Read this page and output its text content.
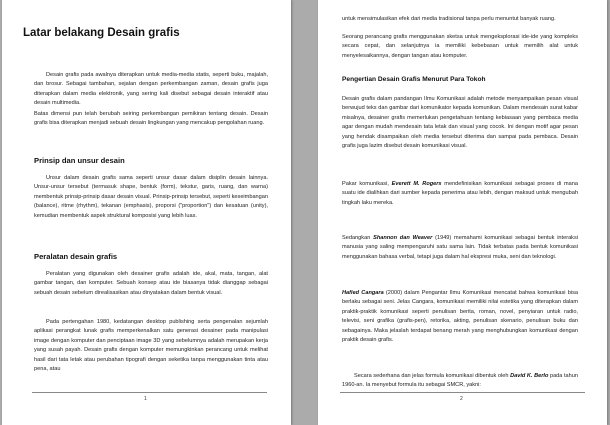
Latar belakang Desain grafis
Desain grafis pada awalnya diterapkan untuk media-media statis, seperti buku, majalah, dan brosur. Sebagai tambahan, sejalan dengan perkembangan zaman, desain grafis juga diterapkan dalam media elektronik, yang sering kali disebut sebagai desain interaktif atau desain multimedia.
Batas dimensi pun telah berubah seiring perkembangan pemikiran tentang desain. Desain grafis bisa diterapkan menjadi sebuah desain lingkungan yang mencakup pengolahan ruang.
Prinsip dan unsur desain
Unsur dalam desain grafis sama seperti unsur dasar dalam disiplin desain lainnya. Unsur-unsur tersebut (termasuk shape, bentuk (form), tekstur, garis, ruang, dan warna) membentuk prinsip-prinsip dasar desain visual. Prinsip-prinsip tersebut, seperti keseimbangan (balance), ritme (rhythm), tekanan (emphasis), proporsi ("proportion") dan kesatuan (unity), kemudian membentuk aspek struktural komposisi yang lebih luas.
Peralatan desain grafis
Peralatan yang digunakan oleh desainer grafis adalah ide, akal, mata, tangan, alat gambar tangan, dan komputer. Sebuah konsep atau ide biasanya tidak dianggap sebagai sebuah desain sebelum direalisasikan atau dinyatakan dalam bentuk visual.
Pada pertengahan 1980, kedatangan desktop publishing serta pengenalan sejumlah aplikasi perangkat lunak grafis memperkenalkan satu generasi desainer pada manipulasi image dengan komputer dan penciptaan image 3D yang sebelumnya adalah merupakan kerja yang susah payah. Desain grafis dengan komputer memungkinkan perancang untuk melihat hasil dari tata letak atau perubahan tipografi dengan seketika tanpa menggunakan tinta atau pena, atau
1
untuk mensimulasikan efek dari media tradisional tanpa perlu menuntut banyak ruang.
Seorang perancang grafis menggunakan sketsa untuk mengeksplorasi ide-ide yang kompleks secara cepat, dan selanjutnya ia memiliki kebebasan untuk memilih alat untuk menyelesaikannya, dengan tangan atau komputer.
Pengertian Desain Grafis Menurut Para Tokoh
Desain grafis dalam pandangan Ilmu Komunikasi adalah metode menyampaikan pesan visual berwujud teks dan gambar dari komunikator kepada komunikan. Dalam mendesain surat kabar misalnya, desainer grafis memerlukan pengetahuan tentang kebiasaan yang pembaca media agar dengan mudah mendesain tata letak dan visual yang cocok. Ini dengan motif agar pesan yang hendak disampaikan oleh media tersebut diterima dan sampai pada pembaca. Desain grafis juga lazim disebut desain komunikasi visual.
Pakar komunikasi, Everett M. Rogers mendefinisikan komunikasi sebagai proses di mana suatu ide dialihkan dari sumber kepada penerima atau lebih, dengan maksud untuk mengubah tingkah laku mereka.
Sedangkan Shannon dan Weaver (1949) memahami komunikasi sebagai bentuk interaksi manusia yang saling mempengaruhi satu sama lain. Tidak terbatas pada bentuk komunikasi menggunakan bahasa verbal, tetapi juga dalam hal ekspresi muka, seni dan teknologi.
Hafied Cangara (2000) dalam Pengantar Ilmu Komunikasi mencatat bahwa komunikasi bisa berlaku sebagai seni. Jelas Cangara, komunikasi memiliki nilai estetika yang diterapkan dalam praktik-praktik komunikasi seperti penulisan berita, roman, novel, penyiaran untuk radio, televisi, seni grafika (grafis-pen), retorika, akting, penulisan skenario, penulisan buku dan sebagainya. Maka jelaslah terdapat benang merah yang menghubungkan komunikasi dengan praktik desain grafis.
Secara sederhana dan jelas formula komunikasi dibentuk oleh David K. Berlo pada tahun 1960-an. Ia menyebut formula itu sebagai SMCR, yakni:
2
